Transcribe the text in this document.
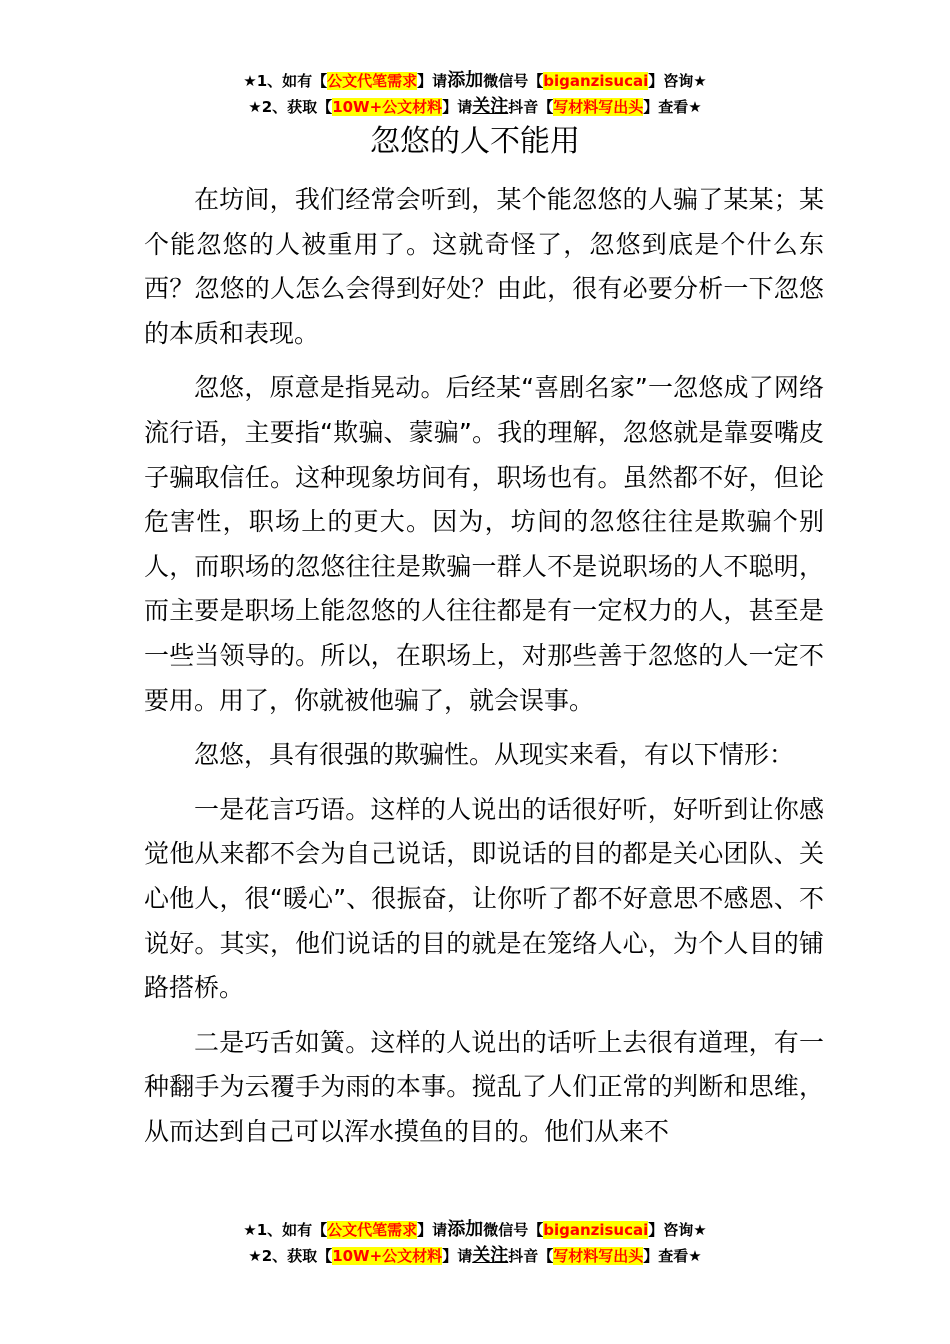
★1、如有【公文代笔需求】请添加微信号【biganzisucai】咨询★
★2、获取【10W+公文材料】请关注抖音【写材料写出头】查看★
忽悠的人不能用

在坊间，我们经常会听到，某个能忽悠的人骗了某某；某个能忽悠的人被重用了。这就奇怪了，忽悠到底是个什么东西？忽悠的人怎么会得到好处？由此，很有必要分析一下忽悠的本质和表现。

忽悠，原意是指晃动。后经某“喜剧名家”一忽悠成了网络流行语，主要指“欺骗、蒙骗”。我的理解，忽悠就是靠耍嘴皮子骗取信任。这种现象坊间有，职场也有。虽然都不好，但论危害性，职场上的更大。因为，坊间的忽悠往往是欺骗个别人，而职场的忽悠往往是欺骗一群人不是说职场的人不聪明，而主要是职场上能忽悠的人往往都是有一定权力的人，甚至是一些当领导的。所以，在职场上，对那些善于忽悠的人一定不要用。用了，你就被他骗了，就会误事。

忽悠，具有很强的欺骗性。从现实来看，有以下情形：

一是花言巧语。这样的人说出的话很好听，好听到让你感觉他从来都不会为自己说话，即说话的目的都是关心团队、关心他人，很“暖心”、很振奋，让你听了都不好意思不感恩、不说好。其实，他们说话的目的就是在笼络人心，为个人目的铺路搭桥。

二是巧舌如簧。这样的人说出的话听上去很有道理，有一种翻手为云覆手为雨的本事。搅乱了人们正常的判断和思维，从而达到自己可以浑水摸鱼的目的。他们从来不

★1、如有【公文代笔需求】请添加微信号【biganzisucai】咨询★
★2、获取【10W+公文材料】请关注抖音【写材料写出头】查看★
